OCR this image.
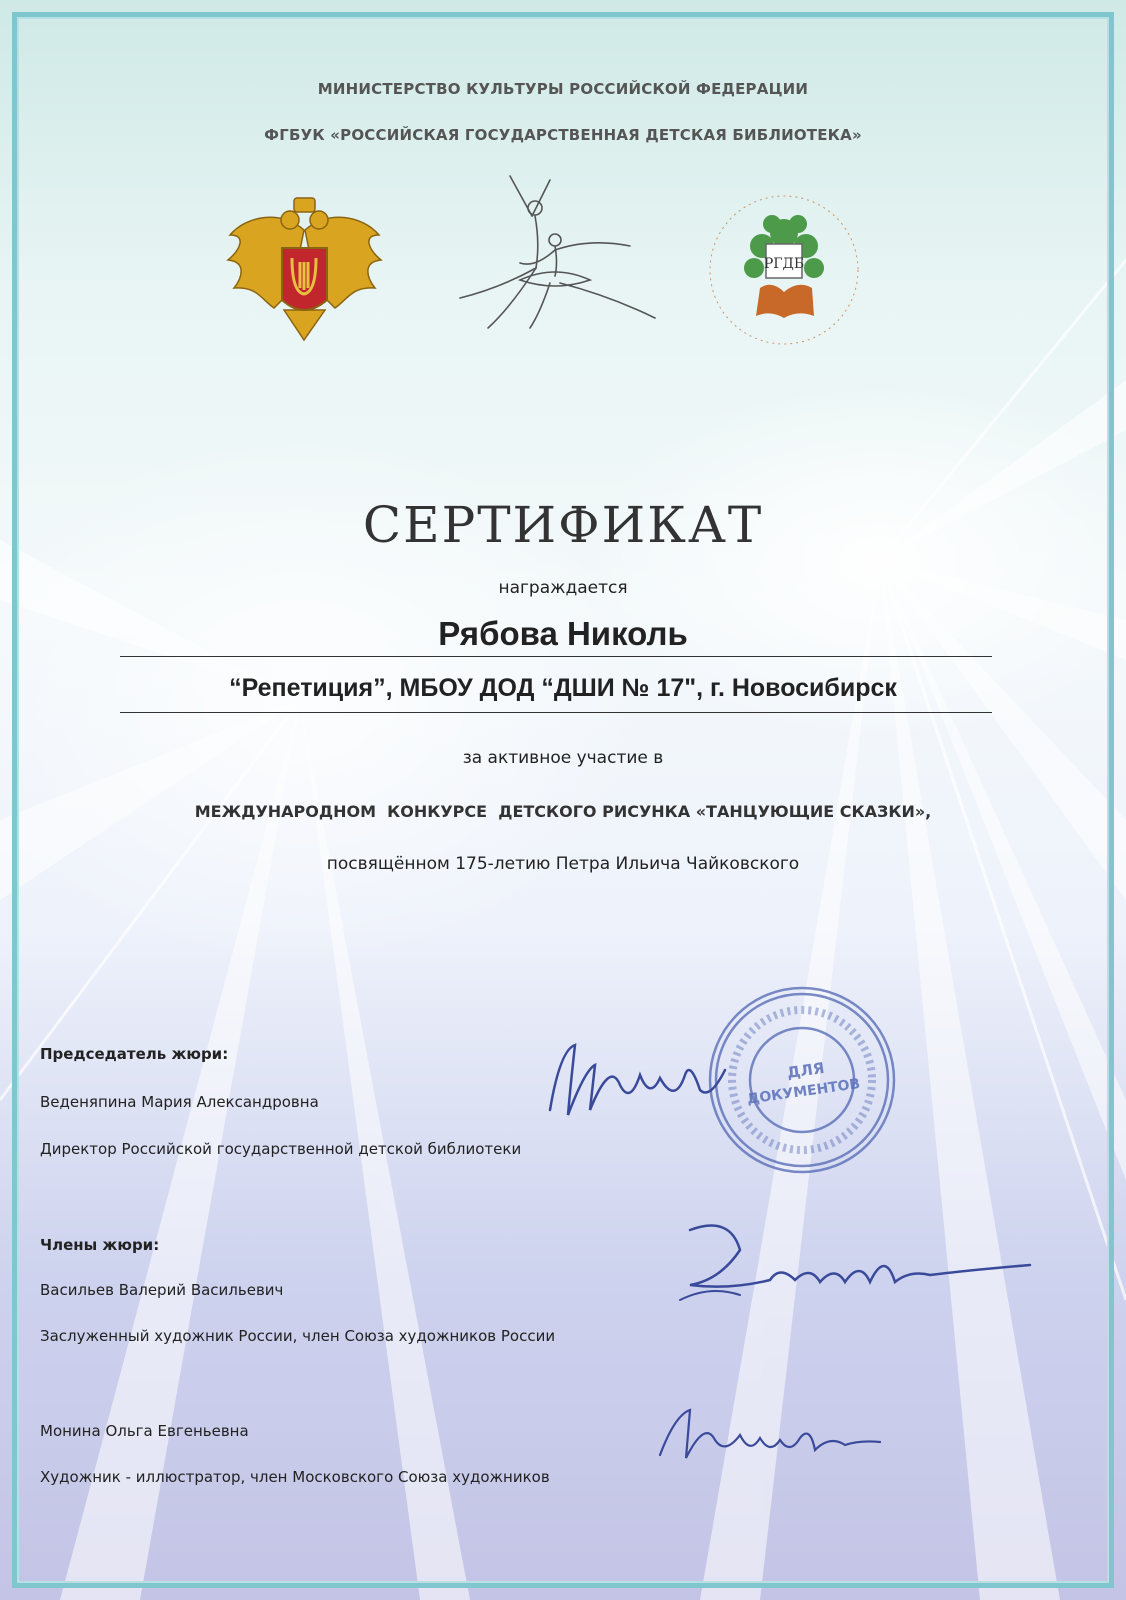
МИНИСТЕРСТВО КУЛЬТУРЫ РОССИЙСКОЙ ФЕДЕРАЦИИ
ФГБУК «РОССИЙСКАЯ ГОСУДАРСТВЕННАЯ ДЕТСКАЯ БИБЛИОТЕКА»
РГДБ
СЕРТИФИКАТ
награждается
Рябова Николь
“Репетиция”, МБОУ ДОД “ДШИ № 17", г. Новосибирск
за активное участие в
МЕЖДУНАРОДНОМ  КОНКУРСЕ  ДЕТСКОГО РИСУНКА «ТАНЦУЮЩИЕ СКАЗКИ»,
посвящённом 175-летию Петра Ильича Чайковского
Председатель жюри:
Веденяпина Мария Александровна
Директор Российской государственной детской библиотеки
Члены жюри:
Васильев Валерий Васильевич
Заслуженный художник России, член Союза художников России
Монина Ольга Евгеньевна
Художник - иллюстратор, член Московского Союза художников
ДЛЯ
ДОКУМЕНТОВ
